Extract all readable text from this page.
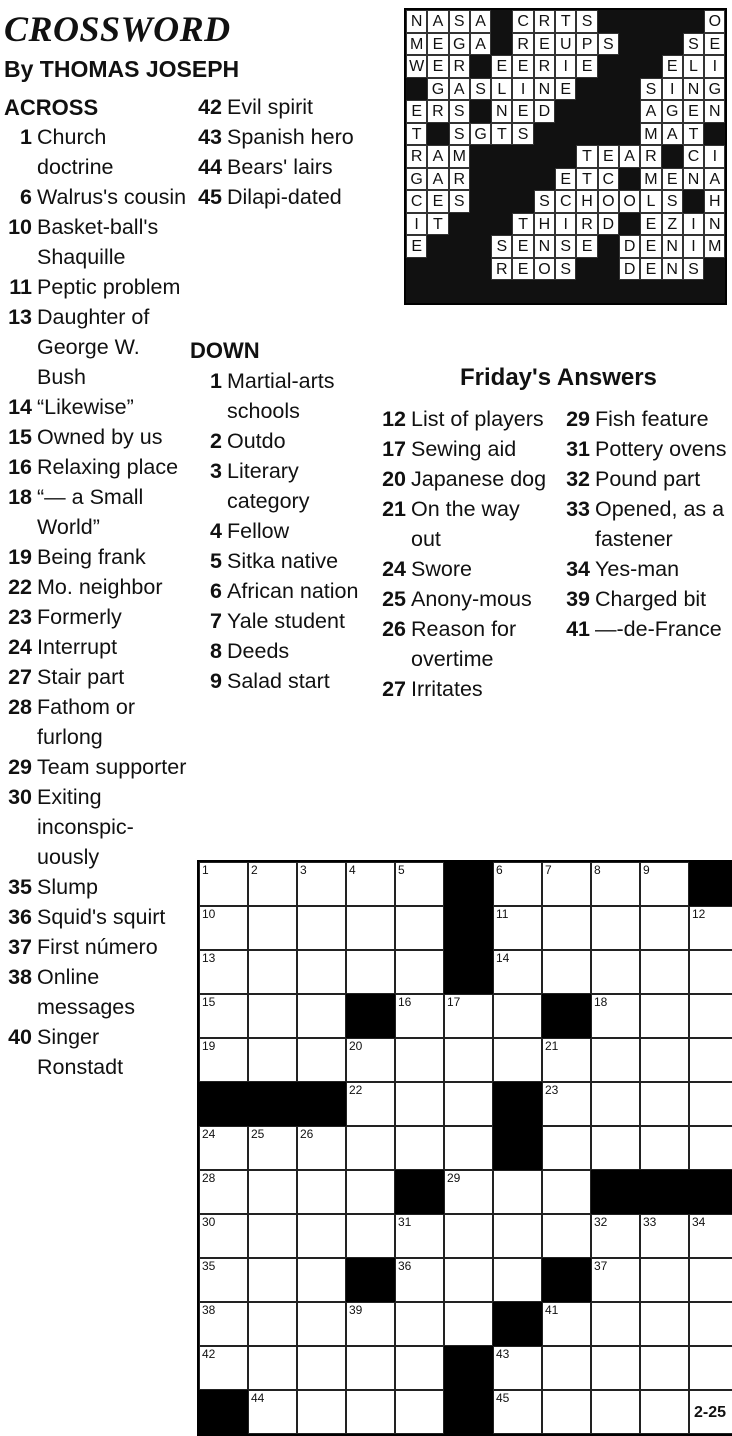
CROSSWORD
By THOMAS JOSEPH
ACROSS
1 Church doctrine
6 Walrus's cousin
10 Basket-ball's Shaquille
11 Peptic problem
13 Daughter of George W. Bush
14 “Likewise”
15 Owned by us
16 Relaxing place
18 “— a Small World”
19 Being frank
22 Mo. neighbor
23 Formerly
24 Interrupt
27 Stair part
28 Fathom or furlong
29 Team supporter
30 Exiting inconspic-uously
35 Slump
36 Squid's squirt
37 First número
38 Online messages
40 Singer Ronstadt
42 Evil spirit
43 Spanish hero
44 Bears' lairs
45 Dilapi-dated
DOWN
1 Martial-arts schools
2 Outdo
3 Literary category
4 Fellow
5 Sitka native
6 African nation
7 Yale student
8 Deeds
9 Salad start
12 List of players
17 Sewing aid
20 Japanese dog
21 On the way out
24 Swore
25 Anony-mous
26 Reason for overtime
27 Irritates
29 Fish feature
31 Pottery ovens
32 Pound part
33 Opened, as a fastener
34 Yes-man
39 Charged bit
41 —-de-France
N A S A	C R T S	O
M E G A	R E U P S	S E
W E R	E E R I E	E L I
G A S L I N E	S I N G
E R S	N E D	A G E N
T	S G T S	M A T
R A M	T E A R	C I
G A R	E T C	M E N A
C E S	S C H O O L S	H
I T	T H I R D	E Z I N
E	S E N S E	D E N I M
R E O S	D E N S
Friday's Answers
1	2	3	4	5	6	7	8	9
10	11	12
13	14
15	16	17	18
19	20	21
22	23
24	25	26
28	29
30	31	32	33	34
35	36	37
38	39	41
42	43
44	45
2-25
